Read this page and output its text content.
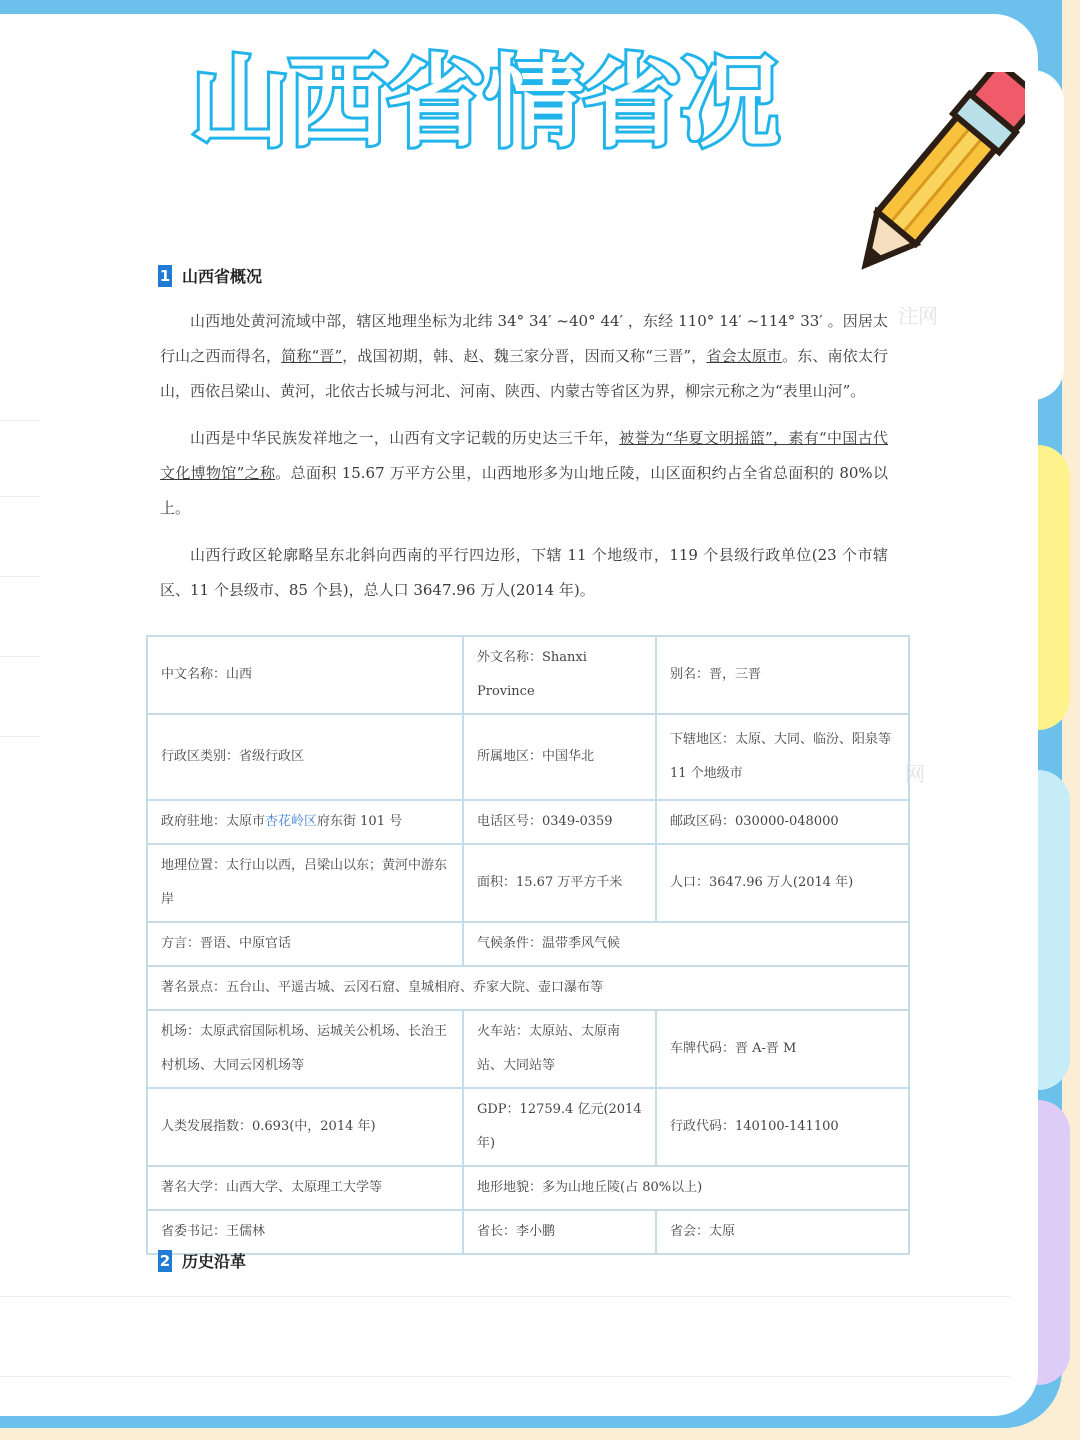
山西省情省况
1 山西省概况
注网
网

山西地处黄河流域中部，辖区地理坐标为北纬 34° 34′ ~40° 44′ ，东经 110° 14′ ~114° 33′ 。因居太行山之西而得名，简称“晋”，战国初期，韩、赵、魏三家分晋，因而又称“三晋”，省会太原市。东、南依太行山，西依吕梁山、黄河，北依古长城与河北、河南、陕西、内蒙古等省区为界，柳宗元称之为“表里山河”。

山西是中华民族发祥地之一，山西有文字记载的历史达三千年，被誉为“华夏文明摇篮”，素有“中国古代文化博物馆”之称。总面积 15.67 万平方公里，山西地形多为山地丘陵，山区面积约占全省总面积的 80%以上。

山西行政区轮廓略呈东北斜向西南的平行四边形，下辖 11 个地级市，119 个县级行政单位(23 个市辖区、11 个县级市、85 个县)，总人口 3647.96 万人(2014 年)。

中文名称：山西	外文名称：Shanxi Province	别名：晋，三晋
行政区类别：省级行政区	所属地区：中国华北	下辖地区：太原、大同、临汾、阳泉等 11 个地级市
政府驻地：太原市杏花岭区府东街 101 号	电话区号：0349-0359	邮政区码：030000-048000
地理位置：太行山以西，吕梁山以东；黄河中游东岸	面积：15.67 万平方千米	人口：3647.96 万人(2014 年)
方言：晋语、中原官话	气候条件：温带季风气候	
著名景点：五台山、平遥古城、云冈石窟、皇城相府、乔家大院、壶口瀑布等		
机场：太原武宿国际机场、运城关公机场、长治王村机场、大同云冈机场等	火车站：太原站、太原南站、大同站等	车牌代码：晋 A-晋 M
人类发展指数：0.693(中，2014 年)	GDP：12759.4 亿元(2014 年)	行政代码：140100-141100
著名大学：山西大学、太原理工大学等	地形地貌：多为山地丘陵(占 80%以上)	
省委书记：王儒林	省长：李小鹏	省会：太原
2 历史沿革
